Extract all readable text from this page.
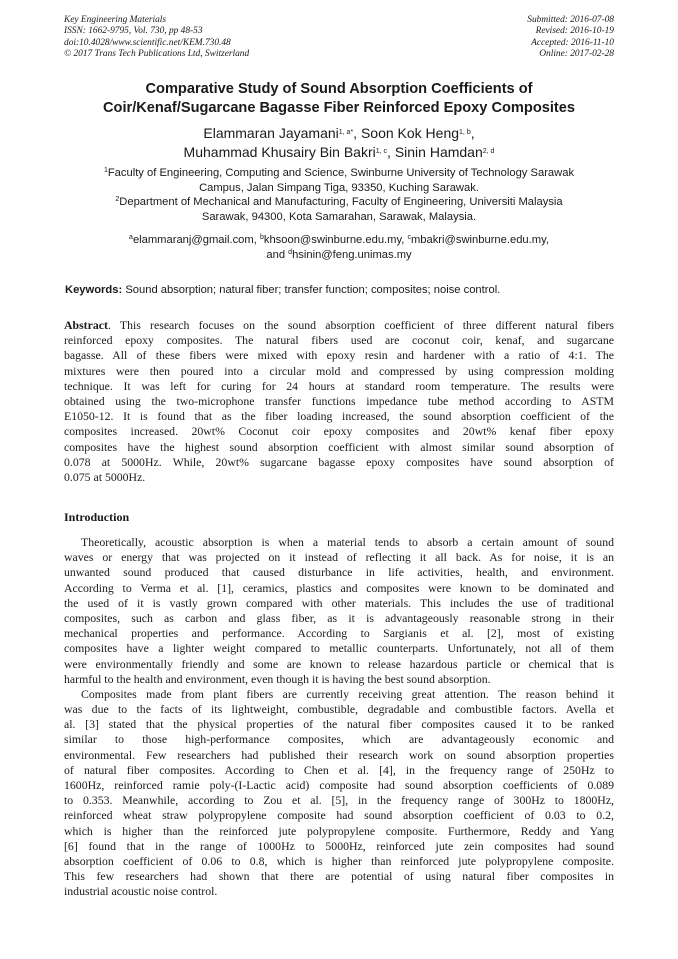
Key Engineering Materials
ISSN: 1662-9795, Vol. 730, pp 48-53
doi:10.4028/www.scientific.net/KEM.730.48
© 2017 Trans Tech Publications Ltd, Switzerland
Submitted: 2016-07-08
Revised: 2016-10-19
Accepted: 2016-11-10
Online: 2017-02-28
Comparative Study of Sound Absorption Coefficients of
Coir/Kenaf/Sugarcane Bagasse Fiber Reinforced Epoxy Composites
Elammaran Jayamani$^{1, a*}$, Soon Kok Heng$^{1, b}$,
Muhammad Khusairy Bin Bakri$^{1, c}$, Sinin Hamdan$^{2, d}$
$^1$Faculty of Engineering, Computing and Science, Swinburne University of Technology Sarawak
Campus, Jalan Simpang Tiga, 93350, Kuching Sarawak.
$^2$Department of Mechanical and Manufacturing, Faculty of Engineering, Universiti Malaysia
Sarawak, 94300, Kota Samarahan, Sarawak, Malaysia.
$^a$elammaranj@gmail.com, $^b$khsoon@swinburne.edu.my, $^c$mbakri@swinburne.edu.my,
and $^d$hsinin@feng.unimas.my
Keywords: Sound absorption; natural fiber; transfer function; composites; noise control.
Abstract. This research focuses on the sound absorption coefficient of three different natural fibers
reinforced epoxy composites. The natural fibers used are coconut coir, kenaf, and sugarcane
bagasse. All of these fibers were mixed with epoxy resin and hardener with a ratio of 4:1. The
mixtures were then poured into a circular mold and compressed by using compression molding
technique. It was left for curing for 24 hours at standard room temperature. The results were
obtained using the two-microphone transfer functions impedance tube method according to ASTM
E1050-12. It is found that as the fiber loading increased, the sound absorption coefficient of the
composites increased. 20wt% Coconut coir epoxy composites and 20wt% kenaf fiber epoxy
composites have the highest sound absorption coefficient with almost similar sound absorption of
0.078 at 5000Hz. While, 20wt% sugarcane bagasse epoxy composites have sound absorption of
0.075 at 5000Hz.
Introduction
Theoretically, acoustic absorption is when a material tends to absorb a certain amount of sound
waves or energy that was projected on it instead of reflecting it all back. As for noise, it is an
unwanted sound produced that caused disturbance in life activities, health, and environment.
According to Verma et al. [1], ceramics, plastics and composites were known to be dominated and
the used of it is vastly grown compared with other materials. This includes the use of traditional
composites, such as carbon and glass fiber, as it is advantageously reasonable strong in their
mechanical properties and performance. According to Sargianis et al. [2], most of existing
composites have a lighter weight compared to metallic counterparts. Unfortunately, not all of them
were environmentally friendly and some are known to release hazardous particle or chemical that is
harmful to the health and environment, even though it is having the best sound absorption.
Composites made from plant fibers are currently receiving great attention. The reason behind it
was due to the facts of its lightweight, combustible, degradable and combustible factors. Avella et
al. [3] stated that the physical properties of the natural fiber composites caused it to be ranked
similar to those high-performance composites, which are advantageously economic and
environmental. Few researchers had published their research work on sound absorption properties
of natural fiber composites. According to Chen et al. [4], in the frequency range of 250Hz to
1600Hz, reinforced ramie poly-(I-Lactic acid) composite had sound absorption coefficients of 0.089
to 0.353. Meanwhile, according to Zou et al. [5], in the frequency range of 300Hz to 1800Hz,
reinforced wheat straw polypropylene composite had sound absorption coefficient of 0.03 to 0.2,
which is higher than the reinforced jute polypropylene composite. Furthermore, Reddy and Yang
[6] found that in the range of 1000Hz to 5000Hz, reinforced jute zein composites had sound
absorption coefficient of 0.06 to 0.8, which is higher than reinforced jute polypropylene composite.
This few researchers had shown that there are potential of using natural fiber composites in
industrial acoustic noise control.
